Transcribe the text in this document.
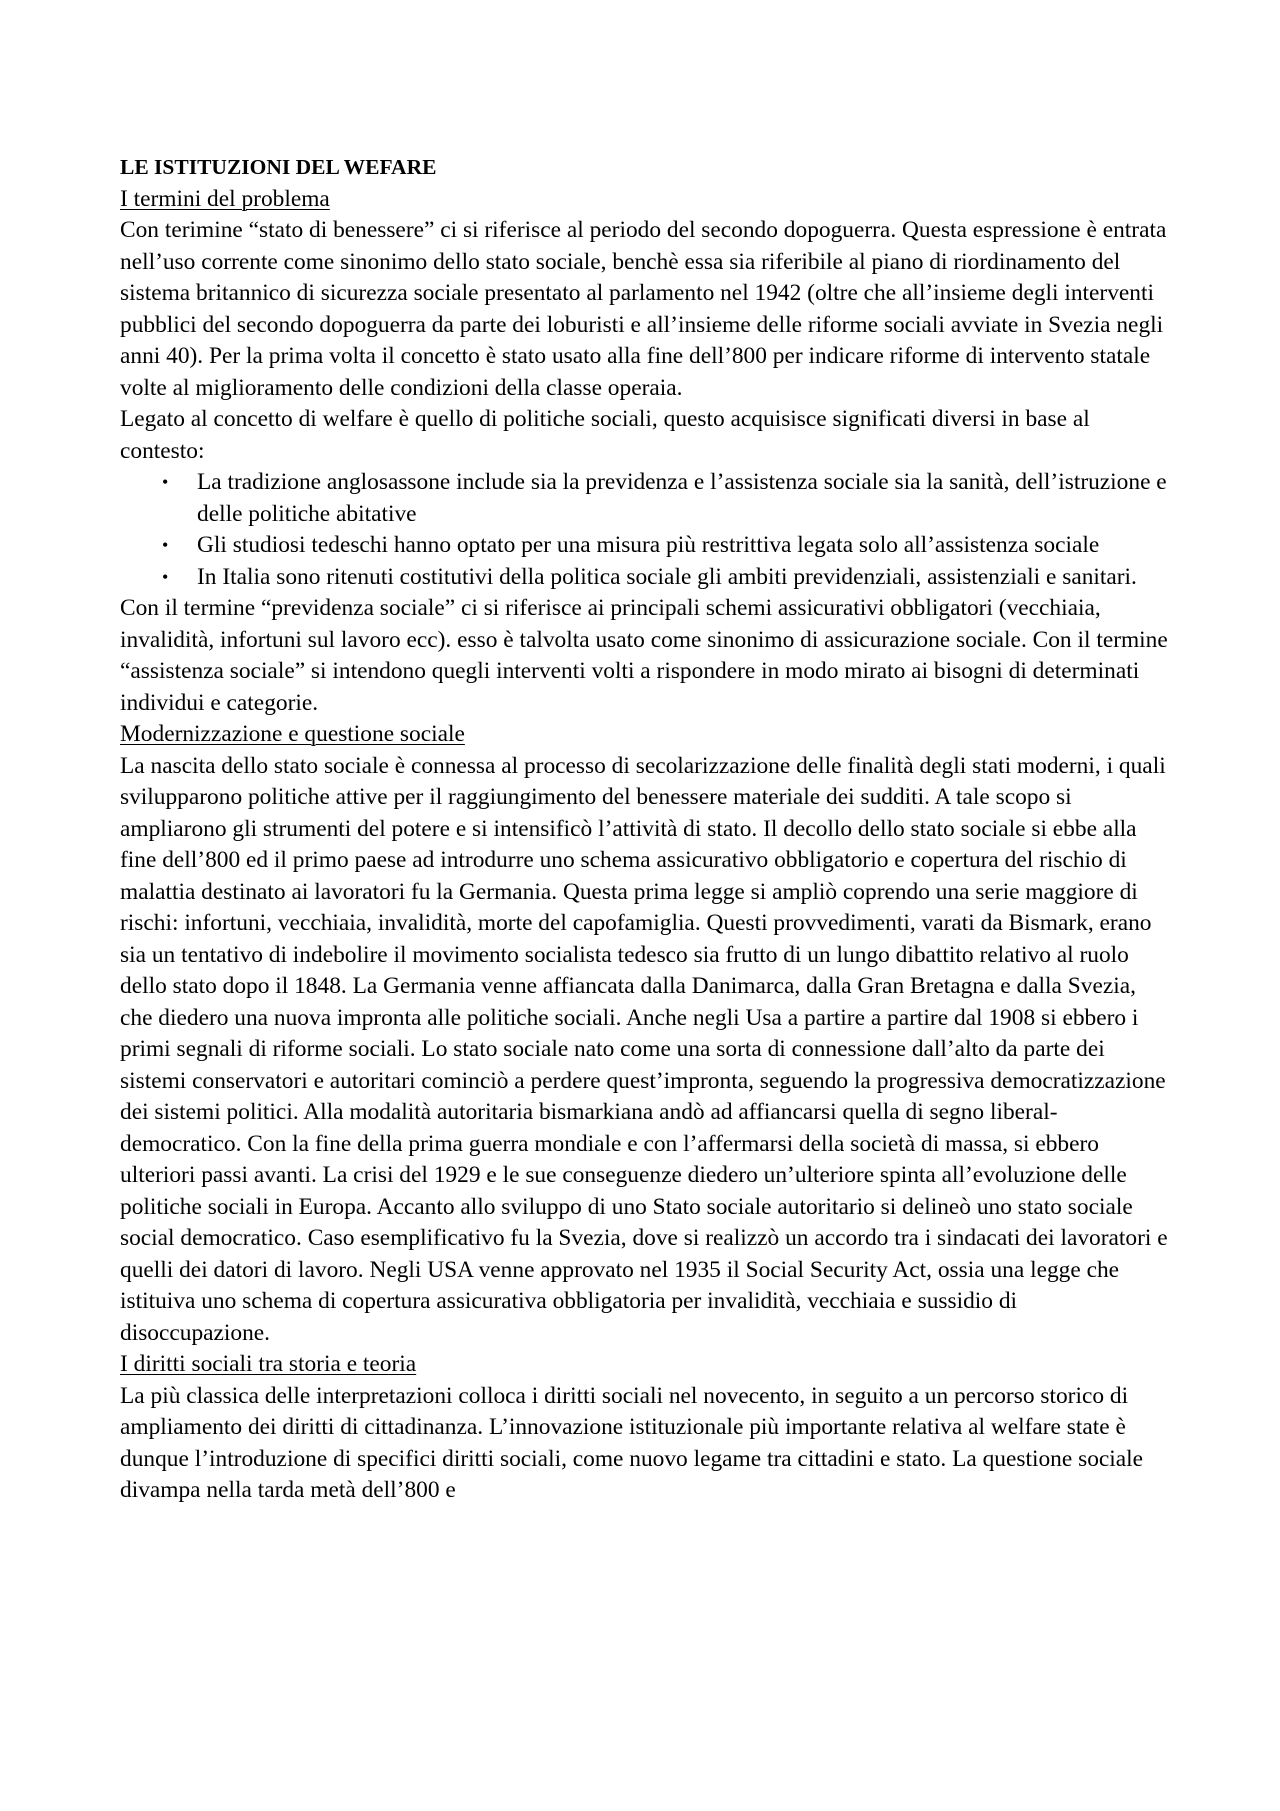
LE ISTITUZIONI DEL WEFARE
I termini del problema

Con terimine “stato di benessere” ci si riferisce al periodo del secondo dopoguerra. Questa espressione è entrata nell’uso corrente come sinonimo dello stato sociale, benchè essa sia riferibile al piano di riordinamento del sistema britannico di sicurezza sociale presentato al parlamento nel 1942 (oltre che all’insieme degli interventi pubblici del secondo dopoguerra da parte dei loburisti e all’insieme delle riforme sociali avviate in Svezia negli anni 40). Per la prima volta il concetto è stato usato alla fine dell’800 per indicare riforme di intervento statale volte al miglioramento delle condizioni della classe operaia.

Legato al concetto di welfare è quello di politiche sociali, questo acquisisce significati diversi in base al contesto:

• La tradizione anglosassone include sia la previdenza e l’assistenza sociale sia la sanità, dell’istruzione e delle politiche abitative
• Gli studiosi tedeschi hanno optato per una misura più restrittiva legata solo all’assistenza sociale
• In Italia sono ritenuti costitutivi della politica sociale gli ambiti previdenziali, assistenziali e sanitari.

Con il termine “previdenza sociale” ci si riferisce ai principali schemi assicurativi obbligatori (vecchiaia, invalidità, infortuni sul lavoro ecc). esso è talvolta usato come sinonimo di assicurazione sociale. Con il termine “assistenza sociale” si intendono quegli interventi volti a rispondere in modo mirato ai bisogni di determinati individui e categorie.

Modernizzazione e questione sociale

La nascita dello stato sociale è connessa al processo di secolarizzazione delle finalità degli stati moderni, i quali svilupparono politiche attive per il raggiungimento del benessere materiale dei sudditi. A tale scopo si ampliarono gli strumenti del potere e si intensificò l’attività di stato. Il decollo dello stato sociale si ebbe alla fine dell’800 ed il primo paese ad introdurre uno schema assicurativo obbligatorio e copertura del rischio di malattia destinato ai lavoratori fu la Germania. Questa prima legge si ampliò coprendo una serie maggiore di rischi: infortuni, vecchiaia, invalidità, morte del capofamiglia. Questi provvedimenti, varati da Bismark, erano sia un tentativo di indebolire il movimento socialista tedesco sia frutto di un lungo dibattito relativo al ruolo dello stato dopo il 1848. La Germania venne affiancata dalla Danimarca, dalla Gran Bretagna e dalla Svezia, che diedero una nuova impronta alle politiche sociali. Anche negli Usa a partire a partire dal 1908 si ebbero i primi segnali di riforme sociali. Lo stato sociale nato come una sorta di connessione dall’alto da parte dei sistemi conservatori e autoritari cominciò a perdere quest’impronta, seguendo la progressiva democratizzazione dei sistemi politici. Alla modalità autoritaria bismarkiana andò ad affiancarsi quella di segno liberal-democratico. Con la fine della prima guerra mondiale e con l’affermarsi della società di massa, si ebbero ulteriori passi avanti. La crisi del 1929 e le sue conseguenze diedero un’ulteriore spinta all’evoluzione delle politiche sociali in Europa. Accanto allo sviluppo di uno Stato sociale autoritario si delineò uno stato sociale social democratico. Caso esemplificativo fu la Svezia, dove si realizzò un accordo tra i sindacati dei lavoratori e quelli dei datori di lavoro. Negli USA venne approvato nel 1935 il Social Security Act, ossia una legge che istituiva uno schema di copertura assicurativa obbligatoria per invalidità, vecchiaia e sussidio di disoccupazione.

I diritti sociali tra storia e teoria

La più classica delle interpretazioni colloca i diritti sociali nel novecento, in seguito a un percorso storico di ampliamento dei diritti di cittadinanza. L’innovazione istituzionale più importante relativa al welfare state è dunque l’introduzione di specifici diritti sociali, come nuovo legame tra cittadini e stato. La questione sociale divampa nella tarda metà dell’800 e
